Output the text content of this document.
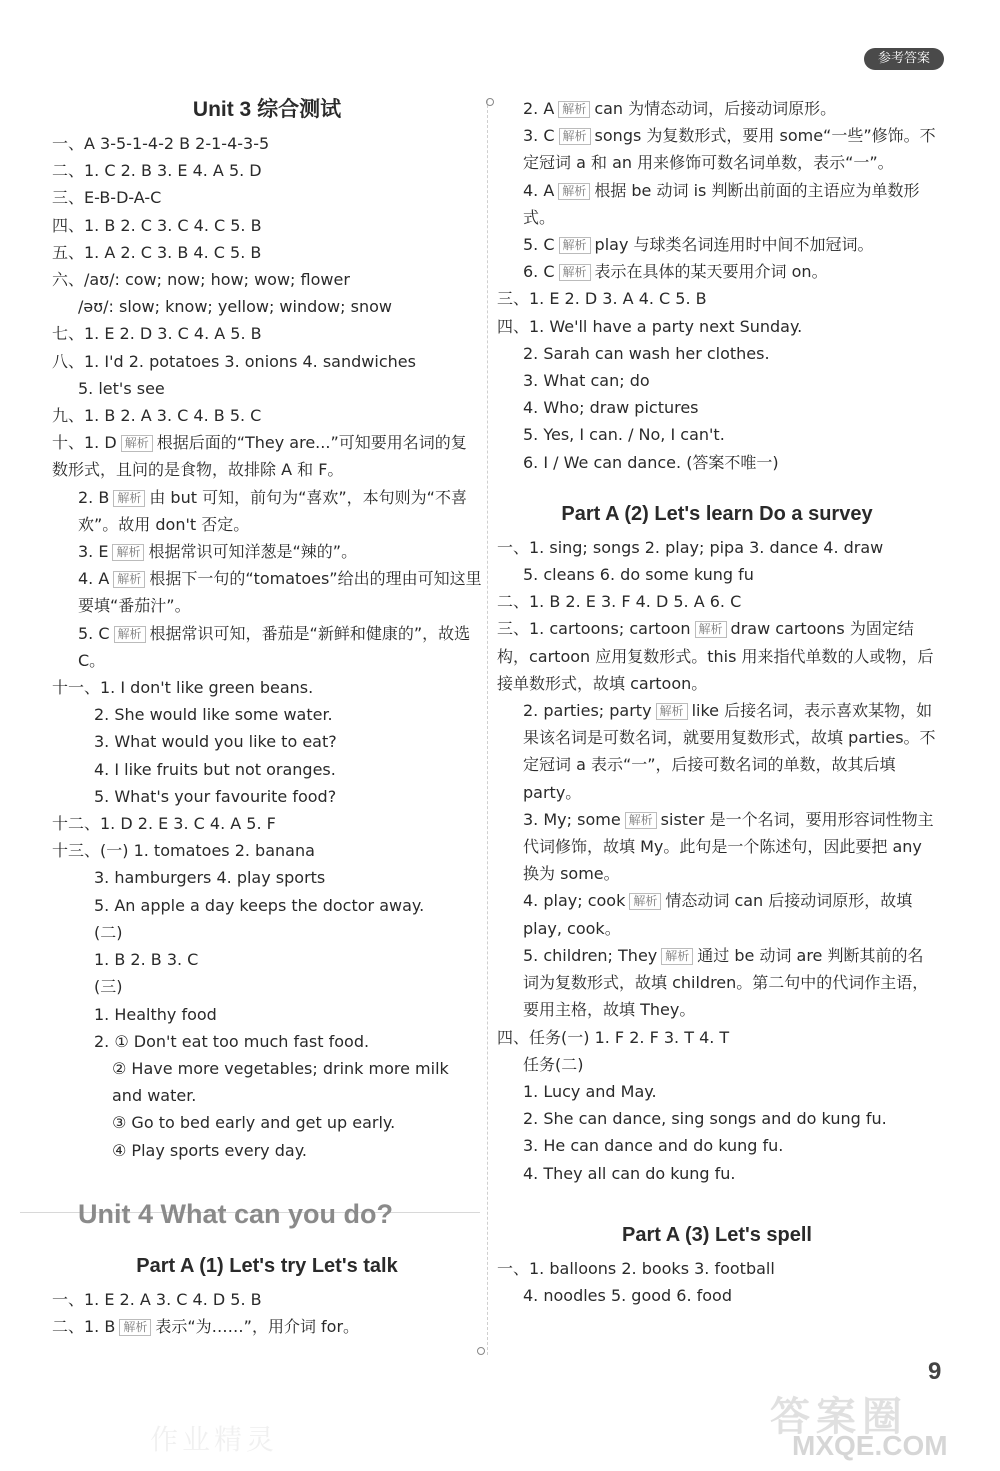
参考答案
Unit 3 综合测试
一、A 3-5-1-4-2 B 2-1-4-3-5
二、1. C 2. B 3. E 4. A 5. D
三、E-B-D-A-C
四、1. B 2. C 3. C 4. C 5. B
五、1. A 2. C 3. B 4. C 5. B
六、/aʊ/: cow; now; how; wow; flower
/əʊ/: slow; know; yellow; window; snow
七、1. E 2. D 3. C 4. A 5. B
八、1. I'd 2. potatoes 3. onions 4. sandwiches
5. let's see
九、1. B 2. A 3. C 4. B 5. C
十、1. D 解析 根据后面的“They are...”可知要用名词的复数形式，且问的是食物，故排除 A 和 F。
2. B 解析 由 but 可知，前句为“喜欢”，本句则为“不喜欢”。故用 don't 否定。
3. E 解析 根据常识可知洋葱是“辣的”。
4. A 解析 根据下一句的“tomatoes”给出的理由可知这里要填“番茄汁”。
5. C 解析 根据常识可知，番茄是“新鲜和健康的”，故选 C。
十一、1. I don't like green beans.
2. She would like some water.
3. What would you like to eat?
4. I like fruits but not oranges.
5. What's your favourite food?
十二、1. D 2. E 3. C 4. A 5. F
十三、(一) 1. tomatoes 2. banana
3. hamburgers 4. play sports
5. An apple a day keeps the doctor away.
(二)
1. B 2. B 3. C
(三)
1. Healthy food
2. ① Don't eat too much fast food.
② Have more vegetables; drink more milk
and water.
③ Go to bed early and get up early.
④ Play sports every day.
Unit 4 What can you do?
Part A (1) Let's try Let's talk
一、1. E 2. A 3. C 4. D 5. B
二、1. B 解析 表示“为……”，用介词 for。
2. A 解析 can 为情态动词，后接动词原形。
3. C 解析 songs 为复数形式，要用 some“一些”修饰。不定冠词 a 和 an 用来修饰可数名词单数，表示“一”。
4. A 解析 根据 be 动词 is 判断出前面的主语应为单数形式。
5. C 解析 play 与球类名词连用时中间不加冠词。
6. C 解析 表示在具体的某天要用介词 on。
三、1. E 2. D 3. A 4. C 5. B
四、1. We'll have a party next Sunday.
2. Sarah can wash her clothes.
3. What can; do
4. Who; draw pictures
5. Yes, I can. / No, I can't.
6. I / We can dance. (答案不唯一)
Part A (2) Let's learn Do a survey
一、1. sing; songs 2. play; pipa 3. dance 4. draw
5. cleans 6. do some kung fu
二、1. B 2. E 3. F 4. D 5. A 6. C
三、1. cartoons; cartoon 解析 draw cartoons 为固定结构，cartoon 应用复数形式。this 用来指代单数的人或物，后接单数形式，故填 cartoon。
2. parties; party 解析 like 后接名词，表示喜欢某物，如果该名词是可数名词，就要用复数形式，故填 parties。不定冠词 a 表示“一”，后接可数名词的单数，故其后填 party。
3. My; some 解析 sister 是一个名词，要用形容词性物主代词修饰，故填 My。此句是一个陈述句，因此要把 any 换为 some。
4. play; cook 解析 情态动词 can 后接动词原形，故填 play, cook。
5. children; They 解析 通过 be 动词 are 判断其前的名词为复数形式，故填 children。第二句中的代词作主语，要用主格，故填 They。
四、任务(一) 1. F 2. F 3. T 4. T
任务(二)
1. Lucy and May.
2. She can dance, sing songs and do kung fu.
3. He can dance and do kung fu.
4. They all can do kung fu.
Part A (3) Let's spell
一、1. balloons 2. books 3. football
4. noodles 5. good 6. food
9
答案圈
MXQE.COM
作业精灵
